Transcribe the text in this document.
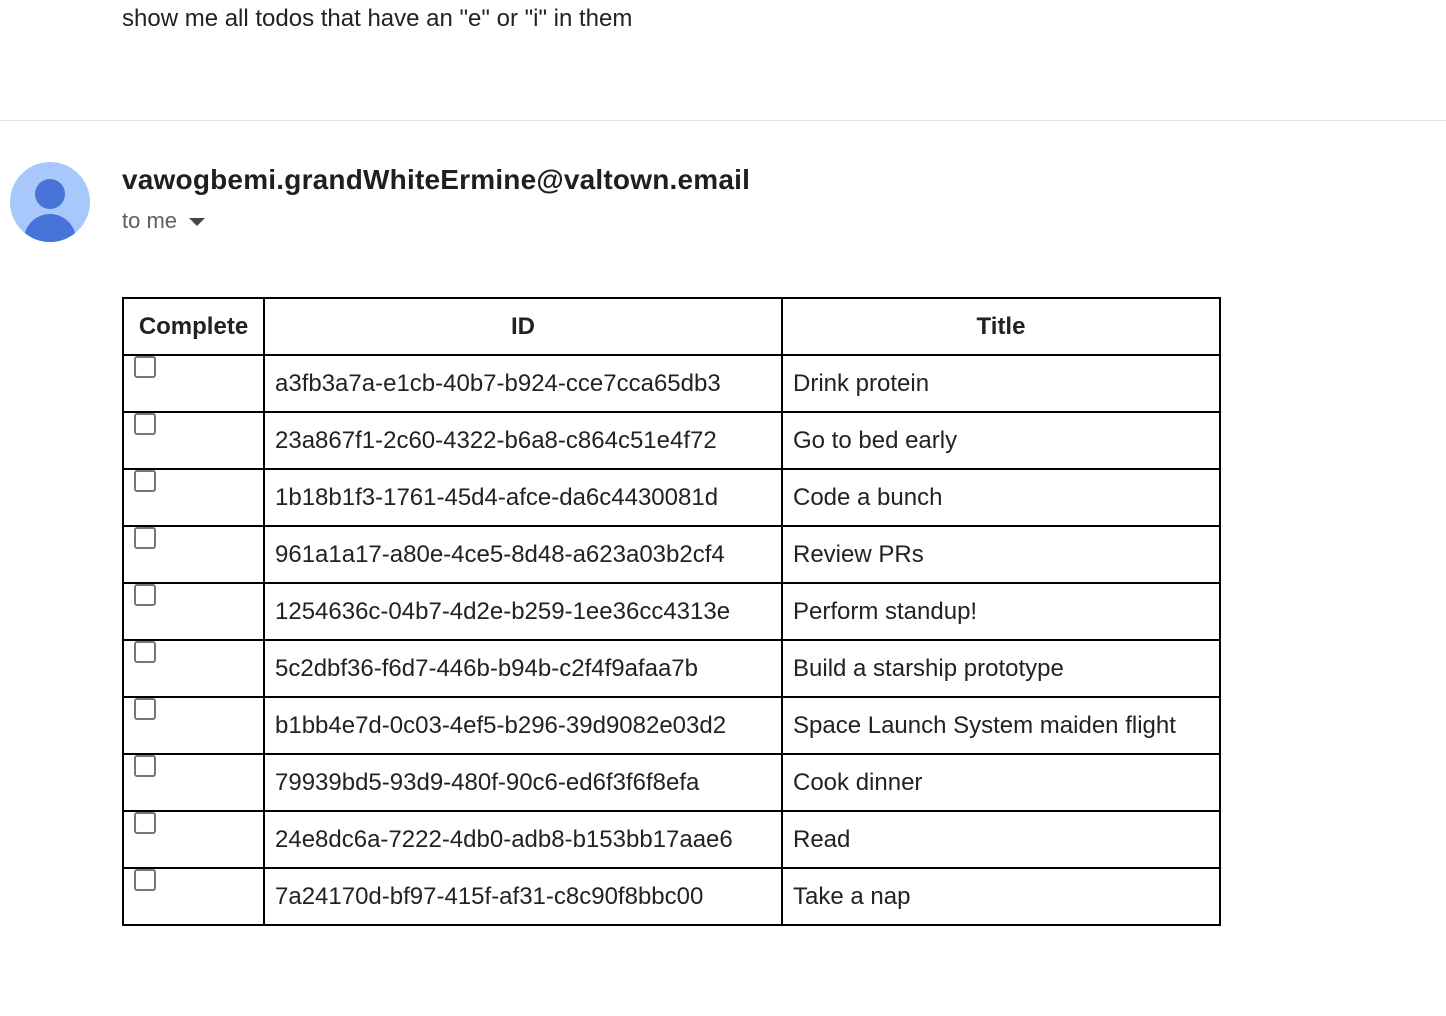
show me all todos that have an "e" or "i" in them
vawogbemi.grandWhiteErmine@valtown.email
to me
Complete	ID	Title

	a3fb3a7a-e1cb-40b7-b924-cce7cca65db3	Drink protein

	23a867f1-2c60-4322-b6a8-c864c51e4f72	Go to bed early

	1b18b1f3-1761-45d4-afce-da6c4430081d	Code a bunch

	961a1a17-a80e-4ce5-8d48-a623a03b2cf4	Review PRs

	1254636c-04b7-4d2e-b259-1ee36cc4313e	Perform standup!

	5c2dbf36-f6d7-446b-b94b-c2f4f9afaa7b	Build a starship prototype

	b1bb4e7d-0c03-4ef5-b296-39d9082e03d2	Space Launch System maiden flight

	79939bd5-93d9-480f-90c6-ed6f3f6f8efa	Cook dinner

	24e8dc6a-7222-4db0-adb8-b153bb17aae6	Read

	7a24170d-bf97-415f-af31-c8c90f8bbc00	Take a nap
